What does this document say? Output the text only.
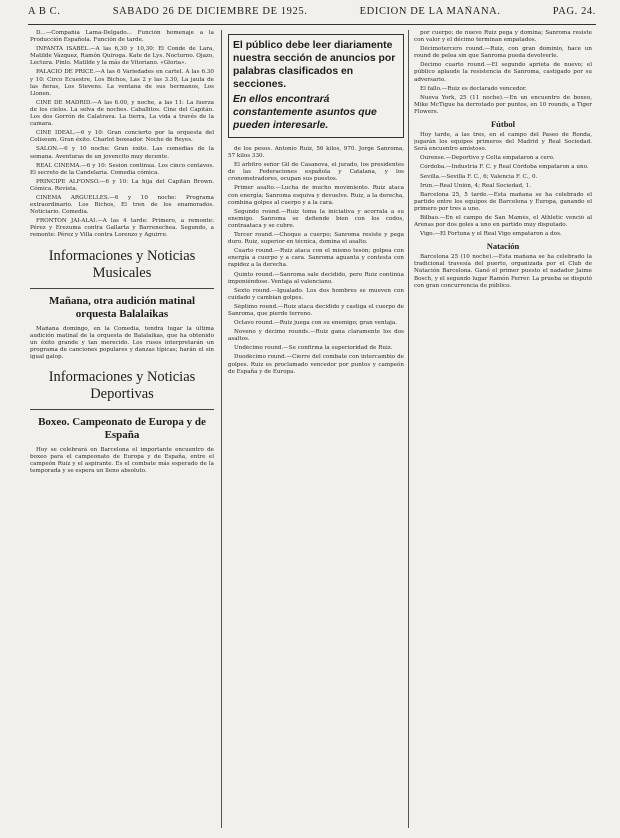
A B C.	SÁBADO 26 DE DICIEMBRE DE 1925.	EDICIÓN DE LA MAÑANA.	PAG. 24.

D...—Compañía Lama-Delgado... Función homenaje a la Producción Española. Función de tarde.

INFANTA ISABEL.—A las 6,30 y 10,30: El Conde de Lara, Matilde Vázquez, Ramón Quiroga. Kate de Lys. Nocturno. Ojazo, Lectura. Pinlo. Matilde y la más de Vitoriano. «Gloria».

PALACIO DE PRICE.—A las 6 Variedades en cartel. A las 6.30 y 10: Circo Ecuestre, Los Bichos, Las 2 y las 3.30, La jaula de las fieras, Los Stevens. La ventana de sus hermanos, Los Llonen.

CINE DE MADRID.—A las 6.00, y noche, a las 11: La fuerza de los cielos. La selva de noches. Caballitos. Cine del Capitán. Los dos Gorrón de Calatrava. La tierra, La vida a través de la camara.

CINE IDEAL.—6 y 10: Gran concierto por la orquesta del Coliseum. Gran éxito. Charlot boxeador. Noche de Reyes.

SALÓN.—6 y 10 noche: Gran éxito. Las comedias de la semana. Aventuras de un jovencito muy decente.

REAL CINEMA.—6 y 10: Sesión continua. Los cinco centavos. El secreto de la Candelaria. Comedia cómica.

PRINCIPE ALFONSO.—6 y 10: La hija del Capitán Brown. Cómica. Revista.

CINEMA ARGÜELLES.—6 y 10 noche: Programa extraordinario. Los Bichos, El tren de los enamorados. Noticiario. Comedia.

FRONTÓN JAI-ALAI.—A las 4 tarde: Primero, a remonte: Pérez y Erezuma contra Gallarta y Barrenechea. Segundo, a remonte: Pérez y Villa contra Lorenzo y Aguirre.

Informaciones y Noticias Musicales
Mañana, otra audición matinal orquesta Balalaikas

Mañana domingo, en la Comedia, tendrá lugar la última audición matinal de la orquesta de Balalaikas, que ha obtenido un éxito grande y tan merecido. Los rusos interpretarán un programa de canciones populares y danzas típicas; harán el sin igual galop.

Informaciones y Noticias Deportivas
Boxeo. Campeonato de Europa y de España

Hoy se celebrará en Barcelona el importante encuentro de boxeo para el campeonato de Europa y de España, entre el campeón Ruiz y el aspirante. Es el combate más esperado de la temporada y se espera un lleno absoluto.

El público debe leer diariamente nuestra sección de anuncios por palabras clasificados en secciones.

En ellos encontrará constantemente asuntos que pueden interesarle.

de los pesos. Antonio Ruiz, 56 kilos, 970. Jorge Sanroma, 57 kilos 330.

El árbitro señor Gil de Casanova, el jurado, los presidentes de las Federaciones española y Catalana, y los cronometradores, ocupan sus puestos.

Primer asalto.—Lucha de mucho movimiento. Ruiz ataca con energía; Sanroma esquiva y devuelve. Ruiz, a la derecha, combina golpes al cuerpo y a la cara.

Segundo round.—Ruiz toma la iniciativa y acorrala a su enemigo. Sanroma se defiende bien con los codos, contraataca y se cubre.

Tercer round.—Choque a cuerpo; Sanroma resiste y pega duro. Ruiz, superior en técnica, domina el asalto.

Cuarto round.—Ruiz ataca con el mismo tesón; golpea con energía a cuerpo y a cara. Sanroma aguanta y contesta con rapidez a la derecha.

Quinto round.—Sanroma sale decidido, pero Ruiz continúa imponiéndose. Ventaja al valenciano.

Sexto round.—Igualado. Los dos hombres se mueven con cuidado y cambian golpes.

Séptimo round.—Ruiz ataca decidido y castiga el cuerpo de Sanroma, que pierde terreno.

Octavo round.—Ruiz juega con su enemigo; gran ventaja.

Noveno y décimo rounds.—Ruiz gana claramente los dos asaltos.

Undécimo round.—Se confirma la superioridad de Ruiz.

Duodécimo round.—Cierre del combate con intercambio de golpes. Ruiz es proclamado vencedor por puntos y campeón de España y de Europa.

por cuerpo; de nuevo Ruiz pega y domina; Sanroma resiste con valor y el décimo terminan empatados.

Décimotercero round.—Ruiz, con gran dominio, hace un round de pelea sin que Sanroma pueda devolverle.

Décimo cuarto round.—El segundo aprieta de nuevo; el público aplaude la resistencia de Sanroma, castigado por su adversario.

El fallo.—Ruiz es declarado vencedor.

Nueva York, 25 (11 noche).—En un encuentro de boxeo, Mike McTigue ha derrotado por puntos, en 10 rounds, a Tiger Flowers.

Fútbol

Hoy tarde, a las tres, en el campo del Paseo de Ronda, jugarán los equipos primeros del Madrid y Real Sociedad. Será encuentro amistoso.

Ourense.—Deportivo y Celta empataron a cero.

Córdoba.—Industria F. C. y Real Córdoba empataron a uno.

Sevilla.—Sevilla F. C., 6; Valencia F. C., 0.

Irún.—Real Unión, 4; Real Sociedad, 1.

Barcelona 25, 5 tarde.—Esta mañana se ha celebrado el partido entre los equipos de Barcelona y Europa, ganando el primero por tres a uno.

Bilbao.—En el campo de San Mamés, el Athletic venció al Arenas por dos goles a uno en partido muy disputado.

Vigo.—El Fortuna y el Real Vigo empataron a dos.

Natación

Barcelona 25 (10 noche).—Esta mañana se ha celebrado la tradicional travesía del puerto, organizada por el Club de Natación Barcelona. Ganó el primer puesto el nadador Jaime Bosch, y el segundo lugar Ramón Ferrer. La prueba se disputó con gran concurrencia de público.
